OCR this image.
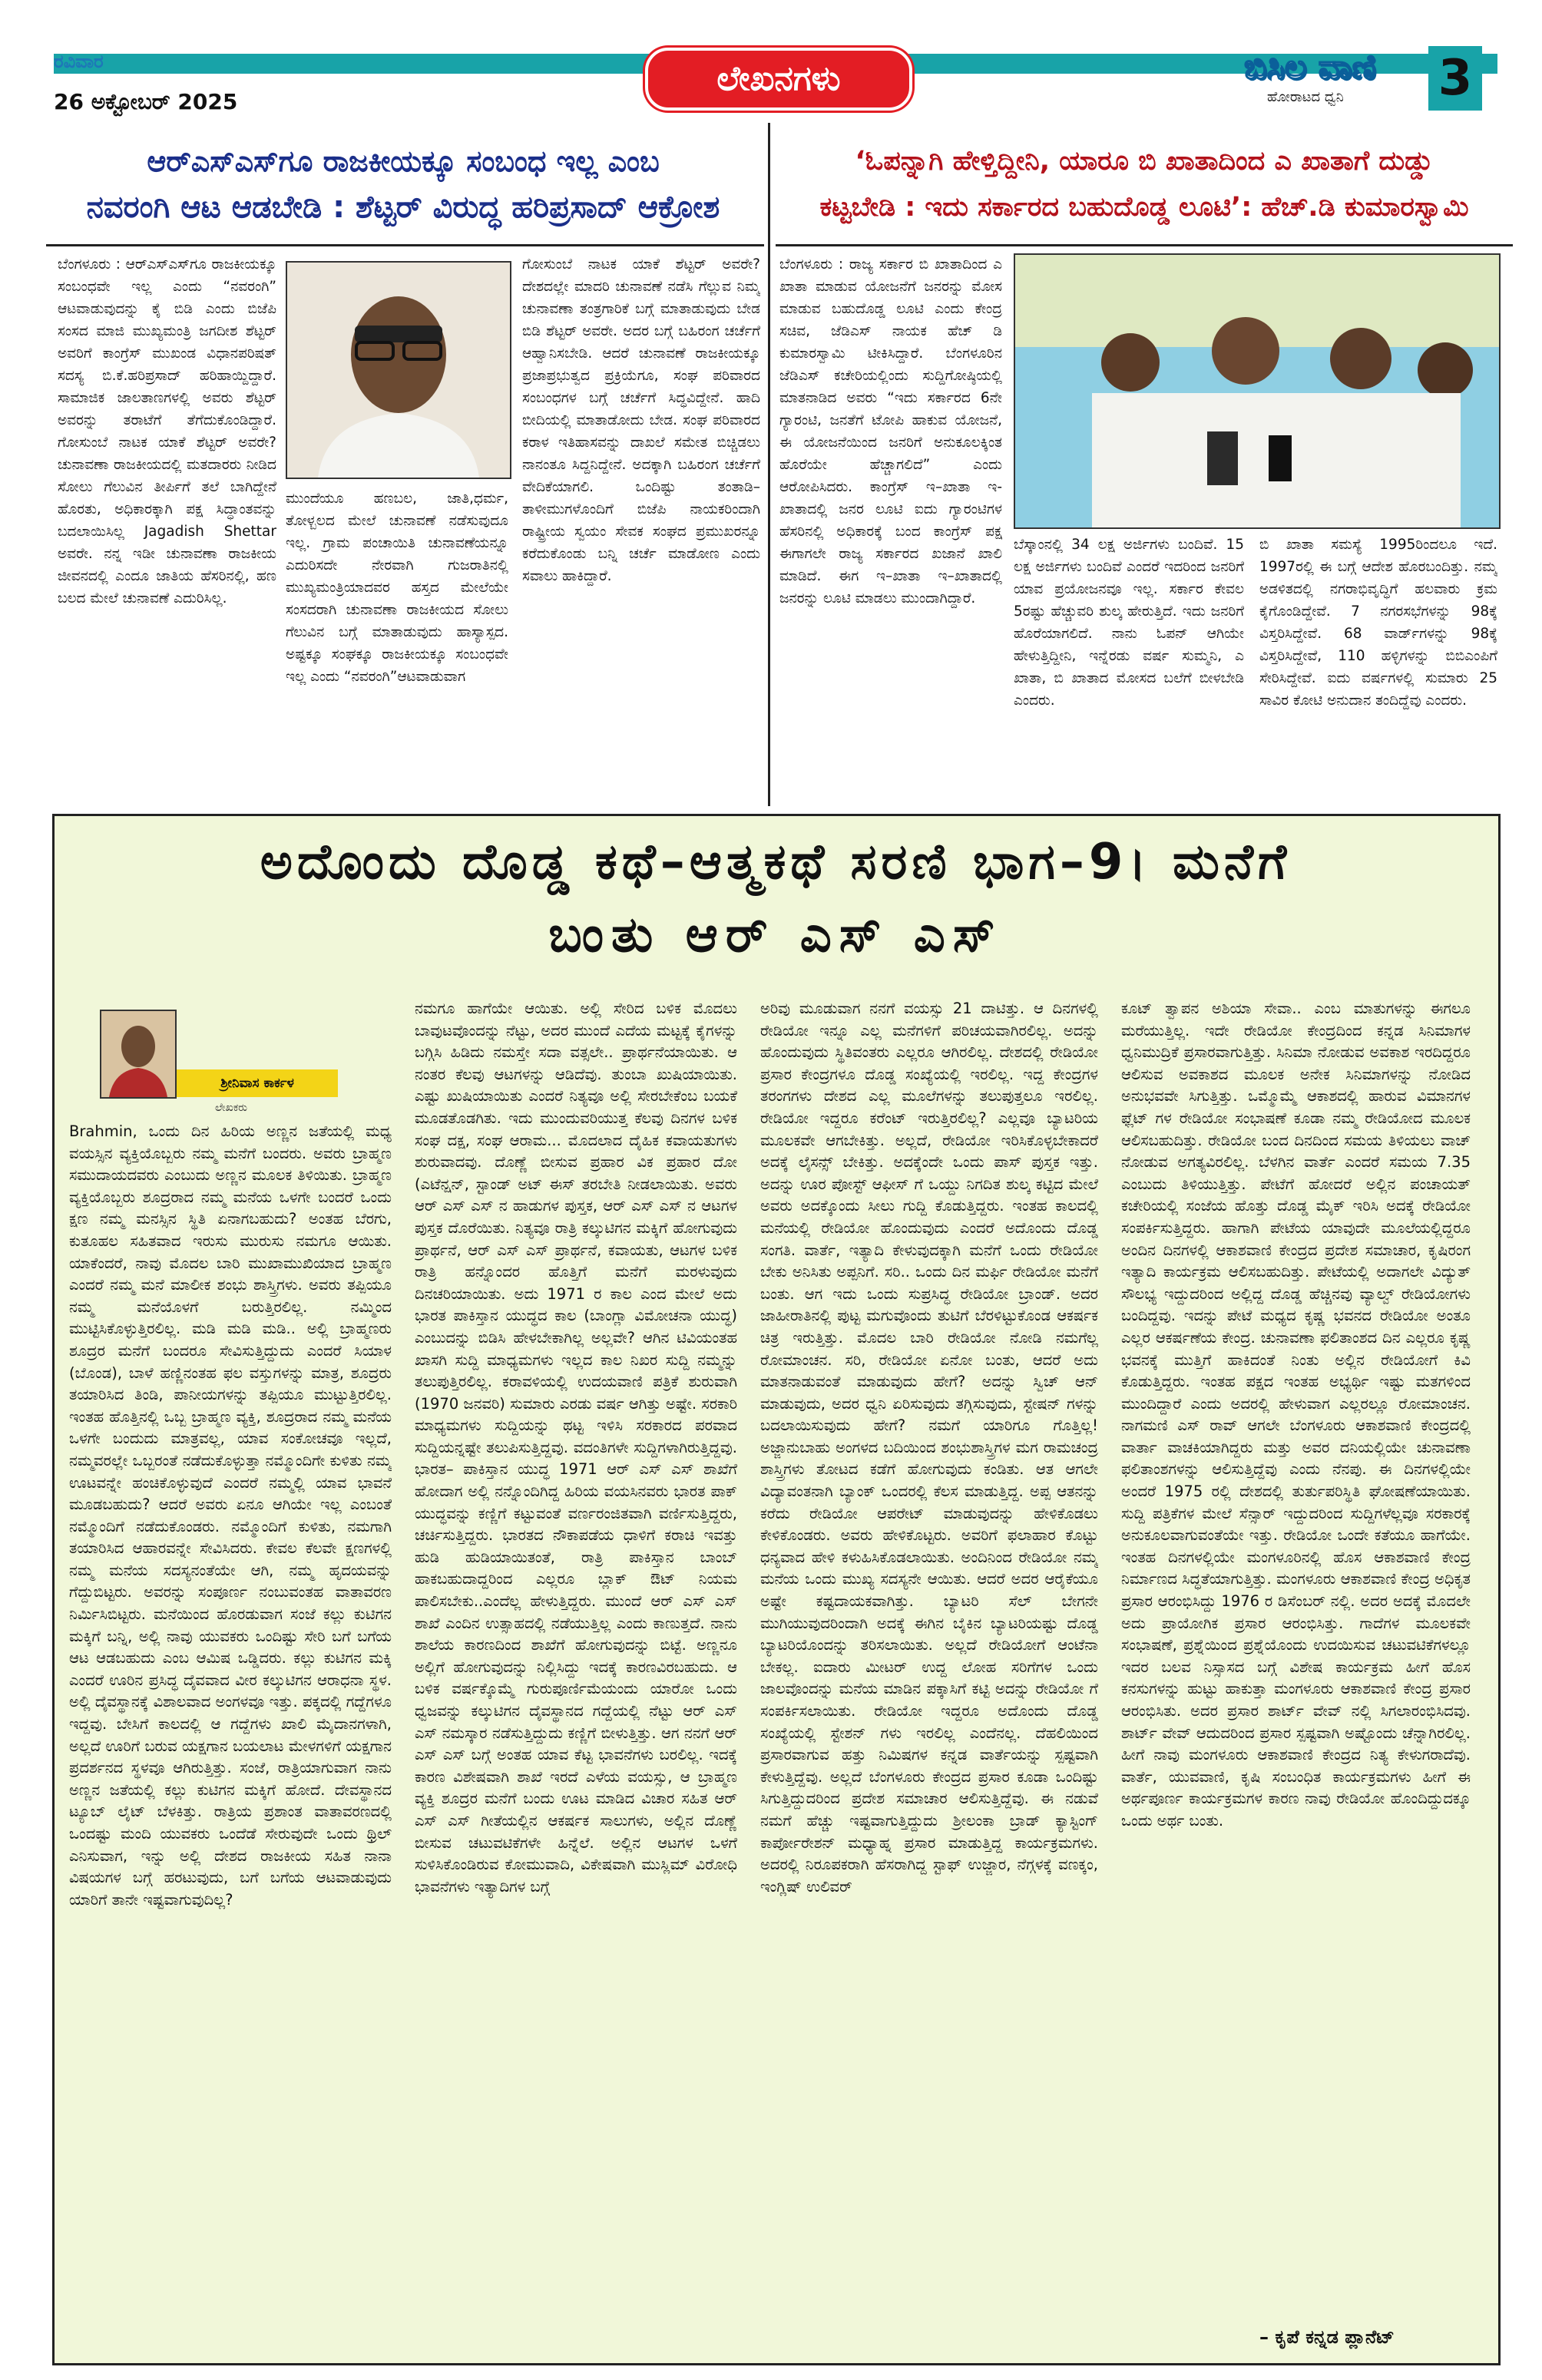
ರವಿವಾರ
26 ಅಕ್ಟೋಬರ್ 2025
ಲೇಖನಗಳು	ಬಿಸಿಲ ವಾಣಿ
ಹೋರಾಟದ ಧ್ವನಿ 3
ಆರ್‌ಎಸ್‌ಎಸ್‌ಗೂ ರಾಜಕೀಯಕ್ಕೂ ಸಂಬಂಧ ಇಲ್ಲ ಎಂಬ
ನವರಂಗಿ ಆಟ ಆಡಬೇಡಿ : ಶೆಟ್ಟರ್ ವಿರುದ್ಧ ಹರಿಪ್ರಸಾದ್ ಆಕ್ರೋಶ
ಬೆಂಗಳೂರು : ಆರ್‌ಎಸ್‌ಎಸ್‌ಗೂ ರಾಜಕೀಯಕ್ಕೂ ಸಂಬಂಧವೇ ಇಲ್ಲ ಎಂದು “ನವರಂಗಿ” ಆಟವಾಡುವುದನ್ನು ಕೈ ಬಿಡಿ ಎಂದು ಬಿಜೆಪಿ ಸಂಸದ ಮಾಜಿ ಮುಖ್ಯಮಂತ್ರಿ ಜಗದೀಶ ಶೆಟ್ಟರ್ ಅವರಿಗೆ ಕಾಂಗ್ರೆಸ್ ಮುಖಂಡ ವಿಧಾನಪರಿಷತ್ ಸದಸ್ಯ ಬಿ.ಕೆ.ಹರಿಪ್ರಸಾದ್ ಹರಿಹಾಯ್ದಿದ್ದಾರೆ. ಸಾಮಾಜಿಕ ಜಾಲತಾಣಗಳಲ್ಲಿ ಅವರು ಶೆಟ್ಟರ್ ಅವರನ್ನು ತರಾಟೆಗೆ ತೆಗೆದುಕೊಂಡಿದ್ದಾರೆ. ಗೋಸುಂಬೆ ನಾಟಕ ಯಾಕೆ ಶೆಟ್ಟರ್ ಅವರೇ? ಚುನಾವಣಾ ರಾಜಕೀಯದಲ್ಲಿ ಮತದಾರರು ನೀಡಿದ ಸೋಲು ಗೆಲುವಿನ ತೀರ್ಪಿಗೆ ತಲೆ ಬಾಗಿದ್ದೇನೆ ಹೊರತು, ಅಧಿಕಾರಕ್ಕಾಗಿ ಪಕ್ಷ ಸಿದ್ಧಾಂತವನ್ನು ಬದಲಾಯಿಸಿಲ್ಲ Jagadish Shettar ಅವರೇ. ನನ್ನ ಇಡೀ ಚುನಾವಣಾ ರಾಜಕೀಯ ಜೀವನದಲ್ಲಿ ಎಂದೂ ಜಾತಿಯ ಹೆಸರಿನಲ್ಲಿ, ಹಣ ಬಲದ ಮೇಲೆ ಚುನಾವಣೆ ಎದುರಿಸಿಲ್ಲ.
ಮುಂದೆಯೂ ಹಣಬಲ, ಜಾತಿ,ಧರ್ಮ, ತೋಳ್ಬಲದ ಮೇಲೆ ಚುನಾವಣೆ ನಡೆಸುವುದೂ ಇಲ್ಲ. ಗ್ರಾಮ ಪಂಚಾಯಿತಿ ಚುನಾವಣೆಯನ್ನೂ ಎದುರಿಸದೇ ನೇರವಾಗಿ ಗುಜರಾತಿನಲ್ಲಿ ಮುಖ್ಯಮಂತ್ರಿಯಾದವರ ಹಸ್ತದ ಮೇಲೆಯೇ ಸಂಸದರಾಗಿ ಚುನಾವಣಾ ರಾಜಕೀಯದ ಸೋಲು ಗೆಲುವಿನ ಬಗ್ಗೆ ಮಾತಾಡುವುದು ಹಾಸ್ಯಾಸ್ಪದ. ಅಷ್ಟಕ್ಕೂ ಸಂಘಕ್ಕೂ ರಾಜಕೀಯಕ್ಕೂ ಸಂಬಂಧವೇ ಇಲ್ಲ ಎಂದು “ನವರಂಗಿ”ಆಟವಾಡುವಾಗ
ಗೋಸುಂಬೆ ನಾಟಕ ಯಾಕೆ ಶೆಟ್ಟರ್ ಅವರೇ? ದೇಶದಲ್ಲೇ ಮಾದರಿ ಚುನಾವಣೆ ನಡೆಸಿ ಗೆಲ್ಲುವ ನಿಮ್ಮ ಚುನಾವಣಾ ತಂತ್ರಗಾರಿಕೆ ಬಗ್ಗೆ ಮಾತಾಡುವುದು ಬೇಡ ಬಿಡಿ ಶೆಟ್ಟರ್ ಅವರೇ. ಅದರ ಬಗ್ಗೆ ಬಹಿರಂಗ ಚರ್ಚೆಗೆ ಆಹ್ವಾನಿಸಬೇಡಿ. ಆದರೆ ಚುನಾವಣೆ ರಾಜಕೀಯಕ್ಕೂ ಪ್ರಜಾಪ್ರಭುತ್ವದ ಪ್ರಕ್ರಿಯೆಗೂ, ಸಂಘ ಪರಿವಾರದ ಸಂಬಂಧಗಳ ಬಗ್ಗೆ ಚರ್ಚೆಗೆ ಸಿದ್ಧವಿದ್ದೇನೆ. ಹಾದಿ ಬೀದಿಯಲ್ಲಿ ಮಾತಾಡೋದು ಬೇಡ. ಸಂಘ ಪರಿವಾರದ ಕರಾಳ ಇತಿಹಾಸವನ್ನು ದಾಖಲೆ ಸಮೇತ ಬಿಚ್ಚಿಡಲು ನಾನಂತೂ ಸಿದ್ದನಿದ್ದೇನೆ. ಅದಕ್ಕಾಗಿ ಬಹಿರಂಗ ಚರ್ಚೆಗೆ ವೇದಿಕೆಯಾಗಲಿ. ಒಂದಿಷ್ಟು ತಂತಾಡಿ–ತಾಳೀಮುಗಳೊಂದಿಗೆ ಬಿಜೆಪಿ ನಾಯಕರಿಂದಾಗಿ ರಾಷ್ಟ್ರೀಯ ಸ್ವಯಂ ಸೇವಕ ಸಂಘದ ಪ್ರಮುಖರನ್ನೂ ಕರೆದುಕೊಂಡು ಬನ್ನಿ ಚರ್ಚೆ ಮಾಡೋಣ ಎಂದು ಸವಾಲು ಹಾಕಿದ್ದಾರೆ.
‘ಓಪನ್ನಾಗಿ ಹೇಳ್ತಿದ್ದೀನಿ, ಯಾರೂ ಬಿ ಖಾತಾದಿಂದ ಎ ಖಾತಾಗೆ ದುಡ್ಡು
ಕಟ್ಟಬೇಡಿ : ಇದು ಸರ್ಕಾರದ ಬಹುದೊಡ್ಡ ಲೂಟಿ’: ಹೆಚ್.ಡಿ ಕುಮಾರಸ್ವಾಮಿ
ಬೆಂಗಳೂರು : ರಾಜ್ಯ ಸರ್ಕಾರ ಬಿ ಖಾತಾದಿಂದ ಎ ಖಾತಾ ಮಾಡುವ ಯೋಜನೆಗೆ ಜನರನ್ನು ಮೋಸ ಮಾಡುವ ಬಹುದೊಡ್ಡ ಲೂಟಿ ಎಂದು ಕೇಂದ್ರ ಸಚಿವ, ಜೆಡಿಎಸ್ ನಾಯಕ ಹೆಚ್ ಡಿ ಕುಮಾರಸ್ವಾಮಿ ಟೀಕಿಸಿದ್ದಾರೆ. ಬೆಂಗಳೂರಿನ ಜೆಡಿಎಸ್ ಕಚೇರಿಯಲ್ಲಿಂದು ಸುದ್ದಿಗೋಷ್ಠಿಯಲ್ಲಿ ಮಾತನಾಡಿದ ಅವರು “ಇದು ಸರ್ಕಾರದ 6ನೇ ಗ್ಯಾರಂಟಿ, ಜನತೆಗೆ ಟೋಪಿ ಹಾಕುವ ಯೋಜನೆ, ಈ ಯೋಜನೆಯಿಂದ ಜನರಿಗೆ ಅನುಕೂಲಕ್ಕಿಂತ ಹೊರೆಯೇ ಹೆಚ್ಚಾಗಲಿದೆ” ಎಂದು ಆರೋಪಿಸಿದರು. ಕಾಂಗ್ರೆಸ್ ಇ–ಖಾತಾ ಇ-ಖಾತಾದಲ್ಲಿ ಜನರ ಲೂಟಿ ಐದು ಗ್ಯಾರಂಟಿಗಳ ಹೆಸರಿನಲ್ಲಿ ಅಧಿಕಾರಕ್ಕೆ ಬಂದ ಕಾಂಗ್ರೆಸ್ ಪಕ್ಷ ಈಗಾಗಲೇ ರಾಜ್ಯ ಸರ್ಕಾರದ ಖಜಾನೆ ಖಾಲಿ ಮಾಡಿದೆ. ಈಗ ಇ–ಖಾತಾ ಇ–ಖಾತಾದಲ್ಲಿ ಜನರನ್ನು ಲೂಟಿ ಮಾಡಲು ಮುಂದಾಗಿದ್ದಾರೆ.
ಬೆಸ್ಕಾಂನಲ್ಲಿ 34 ಲಕ್ಷ ಅರ್ಜಿಗಳು ಬಂದಿವೆ. 15 ಲಕ್ಷ ಅರ್ಜಿಗಳು ಬಂದಿವೆ ಎಂದರೆ ಇದರಿಂದ ಜನರಿಗೆ ಯಾವ ಪ್ರಯೋಜನವೂ ಇಲ್ಲ. ಸರ್ಕಾರ ಕೇವಲ 5ರಷ್ಟು ಹೆಚ್ಚುವರಿ ಶುಲ್ಕ ಹೇರುತ್ತಿದೆ. ಇದು ಜನರಿಗೆ ಹೊರೆಯಾಗಲಿದೆ. ನಾನು ಓಪನ್ ಆಗಿಯೇ ಹೇಳುತ್ತಿದ್ದೀನಿ, ಇನ್ನೆರಡು ವರ್ಷ ಸುಮ್ಮನಿ, ಎ ಖಾತಾ, ಬಿ ಖಾತಾದ ಮೋಸದ ಬಲೆಗೆ ಬೀಳಬೇಡಿ ಎಂದರು.
ಬಿ ಖಾತಾ ಸಮಸ್ಯೆ 1995ರಿಂದಲೂ ಇದೆ. 1997ರಲ್ಲಿ ಈ ಬಗ್ಗೆ ಆದೇಶ ಹೊರಬಂದಿತ್ತು. ನಮ್ಮ ಅಡಳಿತದಲ್ಲಿ ನಗರಾಭಿವೃದ್ಧಿಗೆ ಹಲವಾರು ಕ್ರಮ ಕೈಗೊಂಡಿದ್ದೇವೆ. 7 ನಗರಸಭೆಗಳನ್ನು 98ಕ್ಕೆ ವಿಸ್ತರಿಸಿದ್ದೇವೆ. 68 ವಾರ್ಡ್‌ಗಳನ್ನು 98ಕ್ಕೆ ವಿಸ್ತರಿಸಿದ್ದೇವೆ, 110 ಹಳ್ಳಿಗಳನ್ನು ಬಿಬಿಎಂಪಿಗೆ ಸೇರಿಸಿದ್ದೇವೆ. ಐದು ವರ್ಷಗಳಲ್ಲಿ ಸುಮಾರು 25 ಸಾವಿರ ಕೋಟಿ ಅನುದಾನ ತಂದಿದ್ದೆವು ಎಂದರು.
ಅದೊಂದು ದೊಡ್ಡ ಕಥೆ–ಆತ್ಮಕಥೆ ಸರಣಿ ಭಾಗ–9। ಮನೆಗೆ
ಬಂತು ಆರ್ ಎಸ್ ಎಸ್
ಶ್ರೀನಿವಾಸ ಕಾರ್ಕಳ
ಲೇಖಕರು
Brahmin, ಒಂದು ದಿನ ಹಿರಿಯ ಅಣ್ಣನ ಜತೆಯಲ್ಲಿ ಮಧ್ಯ ವಯಸ್ಸಿನ ವ್ಯಕ್ತಿಯೊಬ್ಬರು ನಮ್ಮ ಮನೆಗೆ ಬಂದರು. ಅವರು ಬ್ರಾಹ್ಮಣ ಸಮುದಾಯದವರು ಎಂಬುದು ಅಣ್ಣನ ಮೂಲಕ ತಿಳಿಯಿತು. ಬ್ರಾಹ್ಮಣ ವ್ಯಕ್ತಿಯೊಬ್ಬರು ಶೂದ್ರರಾದ ನಮ್ಮ ಮನೆಯ ಒಳಗೇ ಬಂದರೆ ಒಂದು ಕ್ಷಣ ನಮ್ಮ ಮನಸ್ಸಿನ ಸ್ಥಿತಿ ಏನಾಗಬಹುದು? ಅಂತಹ ಬೆರಗು, ಕುತೂಹಲ ಸಹಿತವಾದ ಇರುಸು ಮುರುಸು ನಮಗೂ ಆಯಿತು. ಯಾಕೆಂದರೆ, ನಾವು ಮೊದಲ ಬಾರಿ ಮುಖಾಮುಖಿಯಾದ ಬ್ರಾಹ್ಮಣ ಎಂದರೆ ನಮ್ಮ ಮನೆ ಮಾಲೀಕ ಶಂಭು ಶಾಸ್ತ್ರಿಗಳು. ಅವರು ತಪ್ಪಿಯೂ ನಮ್ಮ ಮನೆಯೊಳಗೆ ಬರುತ್ತಿರಲಿಲ್ಲ. ನಮ್ಮಿಂದ ಮುಟ್ಟಿಸಿಕೊಳ್ಳುತ್ತಿರಲಿಲ್ಲ. ಮಡಿ ಮಡಿ ಮಡಿ.. ಅಲ್ಲಿ ಬ್ರಾಹ್ಮಣರು ಶೂದ್ರರ ಮನೆಗೆ ಬಂದರೂ ಸೇವಿಸುತ್ತಿದ್ದುದು ಎಂದರೆ ಸಿಯಾಳ (ಬೊಂಡ), ಬಾಳೆ ಹಣ್ಣಿನಂತಹ ಫಲ ವಸ್ತುಗಳನ್ನು ಮಾತ್ರ, ಶೂದ್ರರು ತಯಾರಿಸಿದ ತಿಂಡಿ, ಪಾನೀಯಗಳನ್ನು ತಪ್ಪಿಯೂ ಮುಟ್ಟುತ್ತಿರಲಿಲ್ಲ. ಇಂತಹ ಹೊತ್ತಿನಲ್ಲಿ ಒಬ್ಬ ಬ್ರಾಹ್ಮಣ ವ್ಯಕ್ತಿ, ಶೂದ್ರರಾದ ನಮ್ಮ ಮನೆಯ ಒಳಗೇ ಬಂದುದು ಮಾತ್ರವಲ್ಲ, ಯಾವ ಸಂಕೋಚವೂ ಇಲ್ಲದೆ, ನಮ್ಮವರಲ್ಲೇ ಒಬ್ಬರಂತೆ ನಡೆದುಕೊಳ್ಳುತ್ತಾ ನಮ್ಮೊಂದಿಗೇ ಕುಳಿತು ನಮ್ಮ ಊಟವನ್ನೇ ಹಂಚಿಕೊಳ್ಳುವುದೆ ಎಂದರೆ ನಮ್ಮಲ್ಲಿ ಯಾವ ಭಾವನೆ ಮೂಡಬಹುದು? ಆದರೆ ಅವರು ಏನೂ ಆಗಿಯೇ ಇಲ್ಲ ಎಂಬಂತೆ ನಮ್ಮೊಂದಿಗೆ ನಡೆದುಕೊಂಡರು. ನಮ್ಮೊಂದಿಗೆ ಕುಳಿತು, ನಮಗಾಗಿ ತಯಾರಿಸಿದ ಆಹಾರವನ್ನೇ ಸೇವಿಸಿದರು. ಕೇವಲ ಕೆಲವೇ ಕ್ಷಣಗಳಲ್ಲಿ ನಮ್ಮ ಮನೆಯ ಸದಸ್ಯನಂತೆಯೇ ಆಗಿ, ನಮ್ಮ ಹೃದಯವನ್ನು ಗೆದ್ದುಬಿಟ್ಟರು. ಅವರನ್ನು ಸಂಪೂರ್ಣ ನಂಬುವಂತಹ ವಾತಾವರಣ ನಿರ್ಮಿಸಿಬಿಟ್ಟರು. ಮನೆಯಿಂದ ಹೊರಡುವಾಗ ಸಂಜೆ ಕಲ್ಲು ಕುಟಿಗನ ಮಕ್ಕಿಗೆ ಬನ್ನಿ, ಅಲ್ಲಿ ನಾವು ಯುವಕರು ಒಂದಿಷ್ಟು ಸೇರಿ ಬಗೆ ಬಗೆಯ ಆಟ ಆಡಬಹುದು ಎಂಬ ಆಮಿಷ ಒಡ್ಡಿದರು. ಕಲ್ಲು ಕುಟಿಗನ ಮಕ್ಕಿ ಎಂದರೆ ಊರಿನ ಪ್ರಸಿದ್ಧ ದೈವವಾದ ವೀರ ಕಲ್ಕುಟಿಗನ ಆರಾಧನಾ ಸ್ಥಳ. ಅಲ್ಲಿ ದೈವಸ್ಥಾನಕ್ಕೆ ವಿಶಾಲವಾದ ಅಂಗಳವೂ ಇತ್ತು. ಪಕ್ಕದಲ್ಲಿ ಗದ್ದೆಗಳೂ ಇದ್ದವು. ಬೇಸಿಗೆ ಕಾಲದಲ್ಲಿ ಆ ಗದ್ದೆಗಳು ಖಾಲಿ ಮೈದಾನಗಳಾಗಿ, ಅಲ್ಲದೆ ಊರಿಗೆ ಬರುವ ಯಕ್ಷಗಾನ ಬಯಲಾಟ ಮೇಳಗಳಿಗೆ ಯಕ್ಷಗಾನ ಪ್ರದರ್ಶನದ ಸ್ಥಳವೂ ಆಗಿರುತ್ತಿತ್ತು. ಸಂಜೆ, ರಾತ್ರಿಯಾಗುವಾಗ ನಾನು ಅಣ್ಣನ ಜತೆಯಲ್ಲಿ ಕಲ್ಲು ಕುಟಿಗನ ಮಕ್ಕಿಗೆ ಹೋದೆ. ದೇವಸ್ಥಾನದ ಟ್ಯೂಬ್ ಲೈಟ್ ಬೆಳಕಿತ್ತು. ರಾತ್ರಿಯ ಪ್ರಶಾಂತ ವಾತಾವರಣದಲ್ಲಿ ಒಂದಷ್ಟು ಮಂದಿ ಯುವಕರು ಒಂದೆಡೆ ಸೇರುವುದೇ ಒಂದು ಥ್ರಿಲ್ ಎನಿಸುವಾಗ, ಇನ್ನು ಅಲ್ಲಿ ದೇಶದ ರಾಜಕೀಯ ಸಹಿತ ನಾನಾ ವಿಷಯಗಳ ಬಗ್ಗೆ ಹರಟುವುದು, ಬಗೆ ಬಗೆಯ ಆಟವಾಡುವುದು ಯಾರಿಗೆ ತಾನೇ ಇಷ್ಟವಾಗುವುದಿಲ್ಲ?
ನಮಗೂ ಹಾಗೆಯೇ ಆಯಿತು. ಅಲ್ಲಿ ಸೇರಿದ ಬಳಿಕ ಮೊದಲು ಬಾವುಟವೊಂದನ್ನು ನೆಟ್ಟು, ಅದರ ಮುಂದೆ ಎದೆಯ ಮಟ್ಟಕ್ಕೆ ಕೈಗಳನ್ನು ಬಗ್ಗಿಸಿ ಹಿಡಿದು ನಮಸ್ತೇ ಸದಾ ವತ್ಸಲೇ.. ಪ್ರಾರ್ಥನೆಯಾಯಿತು. ಆ ನಂತರ ಕೆಲವು ಆಟಗಳನ್ನು ಆಡಿದೆವು. ತುಂಬಾ ಖುಷಿಯಾಯಿತು. ಎಷ್ಟು ಖುಷಿಯಾಯಿತು ಎಂದರೆ ನಿತ್ಯವೂ ಅಲ್ಲಿ ಸೇರಬೇಕೆಂಬ ಬಯಕೆ ಮೂಡತೊಡಗಿತು. ಇದು ಮುಂದುವರಿಯುತ್ತ ಕೆಲವು ದಿನಗಳ ಬಳಿಕ ಸಂಘ ದಕ್ಷ, ಸಂಘ ಆರಾಮ... ಮೊದಲಾದ ದೈಹಿಕ ಕವಾಯತುಗಳು ಶುರುವಾದವು. ದೊಣ್ಣೆ ಬೀಸುವ ಪ್ರಹಾರ ವಿಕ ಪ್ರಹಾರ ದೋ (ಎಟೆನ್ಷನ್, ಸ್ಟಾಂಡ್ ಅಟ್ ಈಸ್ ತರಬೇತಿ ನೀಡಲಾಯಿತು. ಅವರು ಆರ್ ಎಸ್ ಎಸ್ ನ ಹಾಡುಗಳ ಪುಸ್ತಕ, ಆರ್ ಎಸ್ ಎಸ್ ನ ಆಟಗಳ ಪುಸ್ತಕ ದೊರೆಯಿತು. ನಿತ್ಯವೂ ರಾತ್ರಿ ಕಲ್ಕುಟಿಗನ ಮಕ್ಕಿಗೆ ಹೋಗುವುದು ಪ್ರಾರ್ಥನೆ, ಆರ್ ಎಸ್ ಎಸ್ ಪ್ರಾರ್ಥನೆ, ಕವಾಯತು, ಆಟಗಳ ಬಳಿಕ ರಾತ್ರಿ ಹನ್ನೊಂದರ ಹೊತ್ತಿಗೆ ಮನೆಗೆ ಮರಳುವುದು ದಿನಚರಿಯಾಯಿತು. ಅದು 1971 ರ ಕಾಲ ಎಂದ ಮೇಲೆ ಅದು ಭಾರತ ಪಾಕಿಸ್ತಾನ ಯುದ್ಧದ ಕಾಲ (ಬಾಂಗ್ಲಾ ವಿಮೋಚನಾ ಯುದ್ಧ) ಎಂಬುದನ್ನು ಬಿಡಿಸಿ ಹೇಳಬೇಕಾಗಿಲ್ಲ ಅಲ್ಲವೇ? ಆಗಿನ ಟಿವಿಯಂತಹ ಖಾಸಗಿ ಸುದ್ದಿ ಮಾಧ್ಯಮಗಳು ಇಲ್ಲದ ಕಾಲ ನಿಖರ ಸುದ್ದಿ ನಮ್ಮನ್ನು ತಲುಪುತ್ತಿರಲಿಲ್ಲ. ಕರಾವಳಿಯಲ್ಲಿ ಉದಯವಾಣಿ ಪತ್ರಿಕೆ ಶುರುವಾಗಿ (1970 ಜನವರಿ) ಸುಮಾರು ಎರಡು ವರ್ಷ ಆಗಿತ್ತು ಅಷ್ಟೇ. ಸರಕಾರಿ ಮಾಧ್ಯಮಗಳು ಸುದ್ದಿಯನ್ನು ಥಟ್ಟ ಇಳಿಸಿ ಸರಕಾರದ ಪರವಾದ ಸುದ್ದಿಯನ್ನಷ್ಟೇ ತಲುಪಿಸುತ್ತಿದ್ದವು. ವದಂತಿಗಳೇ ಸುದ್ದಿಗಳಾಗಿರುತ್ತಿದ್ದವು. ಭಾರತ– ಪಾಕಿಸ್ತಾನ ಯುದ್ಧ 1971 ಆರ್ ಎಸ್ ಎಸ್ ಶಾಖೆಗೆ ಹೋದಾಗ ಅಲ್ಲಿ ನನ್ನೊಂದಿಗಿದ್ದ ಹಿರಿಯ ವಯಸಿನವರು ಭಾರತ ಪಾಕ್ ಯುದ್ಧವನ್ನು ಕಣ್ಣಿಗೆ ಕಟ್ಟುವಂತೆ ವರ್ಣರಂಜಿತವಾಗಿ ವರ್ಣಿಸುತ್ತಿದ್ದರು, ಚರ್ಚಿಸುತ್ತಿದ್ದರು. ಭಾರತದ ನೌಕಾಪಡೆಯ ಧಾಳಿಗೆ ಕರಾಚಿ ಇವತ್ತು ಹುಡಿ ಹುಡಿಯಾಯಿತಂತೆ, ರಾತ್ರಿ ಪಾಕಿಸ್ತಾನ ಬಾಂಬ್ ಹಾಕಬಹುದಾದ್ದರಿಂದ ಎಲ್ಲರೂ ಬ್ಲಾಕ್ ಔಟ್ ನಿಯಮ ಪಾಲಿಸಬೇಕು..ಎಂದೆಲ್ಲ ಹೇಳುತ್ತಿದ್ದರು. ಮುಂದೆ ಆರ್ ಎಸ್ ಎಸ್ ಶಾಖೆ ಎಂದಿನ ಉತ್ಸಾಹದಲ್ಲಿ ನಡೆಯುತ್ತಿಲ್ಲ ಎಂದು ಕಾಣುತ್ತದೆ. ನಾನು ಶಾಲೆಯ ಕಾರಣದಿಂದ ಶಾಖೆಗೆ ಹೋಗುವುದನ್ನು ಬಿಟ್ಟೆ. ಅಣ್ಣನೂ ಅಲ್ಲಿಗೆ ಹೋಗುವುದನ್ನು ನಿಲ್ಲಿಸಿದ್ದು ಇದಕ್ಕೆ ಕಾರಣವಿರಬಹುದು. ಆ ಬಳಿಕ ವರ್ಷಕ್ಕೊಮ್ಮೆ ಗುರುಪೂರ್ಣಿಮೆಯಂದು ಯಾರೋ ಒಂದು ಧ್ವಜವನ್ನು ಕಲ್ಕುಟಿಗನ ದೈವಸ್ಥಾನದ ಗದ್ದೆಯಲ್ಲಿ ನೆಟ್ಟು ಆರ್ ಎಸ್ ಎಸ್ ನಮಸ್ಕಾರ ನಡೆಸುತ್ತಿದ್ದುದು ಕಣ್ಣಿಗೆ ಬೀಳುತ್ತಿತ್ತು. ಆಗ ನನಗೆ ಆರ್ ಎಸ್ ಎಸ್ ಬಗ್ಗೆ ಅಂತಹ ಯಾವ ಕೆಟ್ಟ ಭಾವನೆಗಳು ಬರಲಿಲ್ಲ. ಇದಕ್ಕೆ ಕಾರಣ ವಿಶೇಷವಾಗಿ ಶಾಖೆ ಇರದೆ ಎಳೆಯ ವಯಸ್ಸು, ಆ ಬ್ರಾಹ್ಮಣ ವ್ಯಕ್ತಿ ಶೂದ್ರರ ಮನೆಗೆ ಬಂದು ಊಟ ಮಾಡಿದ ವಿಚಾರ ಸಹಿತ ಆರ್ ಎಸ್ ಎಸ್ ಗೀತೆಯಲ್ಲಿನ ಆಕರ್ಷಕ ಸಾಲುಗಳು, ಅಲ್ಲಿನ ದೊಣ್ಣೆ ಬೀಸುವ ಚಟುವಟಿಕೆಗಳೇ ಹಿನ್ನೆಲೆ. ಅಲ್ಲಿನ ಆಟಗಳ ಒಳಗೆ ಸುಳಿಸಿಕೊಂಡಿರುವ ಕೋಮುವಾದಿ, ವಿಕೇಷವಾಗಿ ಮುಸ್ಲಿಮ್ ವಿರೋಧಿ ಭಾವನೆಗಳು ಇತ್ಯಾದಿಗಳ ಬಗ್ಗೆ
ಅರಿವು ಮೂಡುವಾಗ ನನಗೆ ವಯಸ್ಸು 21 ದಾಟಿತ್ತು. ಆ ದಿನಗಳಲ್ಲಿ ರೇಡಿಯೋ ಇನ್ನೂ ಎಲ್ಲ ಮನೆಗಳಿಗೆ ಪರಿಚಯವಾಗಿರಲಿಲ್ಲ. ಅದನ್ನು ಹೊಂದುವುದು ಸ್ಥಿತಿವಂತರು ಎಲ್ಲರೂ ಆಗಿರಲಿಲ್ಲ. ದೇಶದಲ್ಲಿ ರೇಡಿಯೋ ಪ್ರಸಾರ ಕೇಂದ್ರಗಳೂ ದೊಡ್ಡ ಸಂಖ್ಯೆಯಲ್ಲಿ ಇರಲಿಲ್ಲ. ಇದ್ದ ಕೇಂದ್ರಗಳ ತರಂಗಗಳು ದೇಶದ ಎಲ್ಲ ಮೂಲೆಗಳನ್ನು ತಲುಪುತ್ತಲೂ ಇರಲಿಲ್ಲ. ರೇಡಿಯೋ ಇದ್ದರೂ ಕರೆಂಟ್ ಇರುತ್ತಿರಲಿಲ್ಲ? ಎಲ್ಲವೂ ಬ್ಯಾಟರಿಯ ಮೂಲಕವೇ ಆಗಬೇಕಿತ್ತು. ಅಲ್ಲದೆ, ರೇಡಿಯೋ ಇರಿಸಿಕೊಳ್ಳಬೇಕಾದರೆ ಅದಕ್ಕೆ ಲೈಸನ್ಸ್ ಬೇಕಿತ್ತು. ಅದಕ್ಕೆಂದೇ ಒಂದು ಪಾಸ್ ಪುಸ್ತಕ ಇತ್ತು. ಅದನ್ನು ಊರ ಪೋಸ್ಟ್ ಆಫೀಸ್ ಗೆ ಒಯ್ದು ನಿಗದಿತ ಶುಲ್ಕ ಕಟ್ಟಿದ ಮೇಲೆ ಅವರು ಅದಕ್ಕೊಂದು ಸೀಲು ಗುದ್ದಿ ಕೊಡುತ್ತಿದ್ದರು. ಇಂತಹ ಕಾಲದಲ್ಲಿ ಮನೆಯಲ್ಲಿ ರೇಡಿಯೋ ಹೊಂದುವುದು ಎಂದರೆ ಅದೊಂದು ದೊಡ್ಡ ಸಂಗತಿ. ವಾರ್ತೆ, ಇತ್ಯಾದಿ ಕೇಳುವುದಕ್ಕಾಗಿ ಮನೆಗೆ ಒಂದು ರೇಡಿಯೋ ಬೇಕು ಅನಿಸಿತು ಅಪ್ಪನಿಗೆ. ಸರಿ.. ಒಂದು ದಿನ ಮರ್ಫಿ ರೇಡಿಯೋ ಮನೆಗೆ ಬಂತು. ಆಗ ಇದು ಒಂದು ಸುಪ್ರಸಿದ್ಧ ರೇಡಿಯೋ ಬ್ರಾಂಡ್. ಅದರ ಜಾಹೀರಾತಿನಲ್ಲಿ ಪುಟ್ಟ ಮಗುವೊಂದು ತುಟಿಗೆ ಬೆರಳಿಟ್ಟುಕೊಂಡ ಆಕರ್ಷಕ ಚಿತ್ರ ಇರುತ್ತಿತ್ತು. ಮೊದಲ ಬಾರಿ ರೇಡಿಯೋ ನೋಡಿ ನಮಗೆಲ್ಲ ರೋಮಾಂಚನ. ಸರಿ, ರೇಡಿಯೋ ಏನೋ ಬಂತು, ಆದರೆ ಅದು ಮಾತನಾಡುವಂತೆ ಮಾಡುವುದು ಹೇಗೆ? ಅದನ್ನು ಸ್ವಿಚ್ ಆನ್ ಮಾಡುವುದು, ಅದರ ಧ್ವನಿ ಏರಿಸುವುದು ತಗ್ಗಿಸುವುದು, ಸ್ಟೇಷನ್ ಗಳನ್ನು ಬದಲಾಯಿಸುವುದು ಹೇಗೆ? ನಮಗೆ ಯಾರಿಗೂ ಗೊತ್ತಿಲ್ಲ! ಅಜ್ಜಾನುಬಾಹು ಅಂಗಳದ ಬದಿಯಿಂದ ಶಂಭುಶಾಸ್ತ್ರಿಗಳ ಮಗ ರಾಮಚಂದ್ರ ಶಾಸ್ತ್ರಿಗಳು ತೋಟದ ಕಡೆಗೆ ಹೋಗುವುದು ಕಂಡಿತು. ಆತ ಆಗಲೇ ವಿದ್ಯಾವಂತನಾಗಿ ಬ್ಯಾಂಕ್ ಒಂದರಲ್ಲಿ ಕೆಲಸ ಮಾಡುತ್ತಿದ್ದ. ಅಪ್ಪ ಆತನನ್ನು ಕರೆದು ರೇಡಿಯೋ ಆಪರೇಟ್ ಮಾಡುವುದನ್ನು ಹೇಳಿಕೊಡಲು ಕೇಳಿಕೊಂಡರು. ಅವರು ಹೇಳಿಕೊಟ್ಟರು. ಅವರಿಗೆ ಫಲಾಹಾರ ಕೊಟ್ಟು ಧನ್ಯವಾದ ಹೇಳಿ ಕಳುಹಿಸಿಕೊಡಲಾಯಿತು. ಅಂದಿನಿಂದ ರೇಡಿಯೋ ನಮ್ಮ ಮನೆಯ ಒಂದು ಮುಖ್ಯ ಸದಸ್ಯನೇ ಆಯಿತು. ಆದರೆ ಅದರ ಆರೈಕೆಯೂ ಅಷ್ಟೇ ಕಷ್ಟದಾಯಕವಾಗಿತ್ತು. ಬ್ಯಾಟರಿ ಸೆಲ್ ಬೇಗನೇ ಮುಗಿಯುವುದರಿಂದಾಗಿ ಅದಕ್ಕೆ ಈಗಿನ ಬೈಕಿನ ಬ್ಯಾಟರಿಯಷ್ಟು ದೊಡ್ಡ ಬ್ಯಾಟರಿಯೊಂದನ್ನು ತರಿಸಲಾಯಿತು. ಅಲ್ಲದೆ ರೇಡಿಯೋಗೆ ಆಂಟೆನಾ ಬೇಕಲ್ಲ. ಐದಾರು ಮೀಟರ್ ಉದ್ದ ಲೋಹ ಸರಿಗೆಗಳ ಒಂದು ಜಾಲವೊಂದನ್ನು ಮನೆಯ ಮಾಡಿನ ಪಕ್ಕಾಸಿಗೆ ಕಟ್ಟಿ ಅದನ್ನು ರೇಡಿಯೋ ಗೆ ಸಂಪರ್ಕಿಸಲಾಯಿತು. ರೇಡಿಯೋ ಇದ್ದರೂ ಅದೊಂದು ದೊಡ್ಡ ಸಂಖ್ಯೆಯಲ್ಲಿ ಸ್ಟೇಶನ್ ಗಳು ಇರಲಿಲ್ಲ ಎಂದೆನಲ್ಲ. ದೆಹಲಿಯಿಂದ ಪ್ರಸಾರವಾಗುವ ಹತ್ತು ನಿಮಿಷಗಳ ಕನ್ನಡ ವಾರ್ತೆಯನ್ನು ಸ್ಪಷ್ಟವಾಗಿ ಕೇಳುತ್ತಿದ್ದೆವು. ಅಲ್ಲದೆ ಬೆಂಗಳೂರು ಕೇಂದ್ರದ ಪ್ರಸಾರ ಕೂಡಾ ಒಂದಿಷ್ಟು ಸಿಗುತ್ತಿದ್ದುದರಿಂದ ಪ್ರದೇಶ ಸಮಾಚಾರ ಆಲಿಸುತ್ತಿದ್ದೆವು. ಈ ನಡುವೆ ನಮಗೆ ಹೆಚ್ಚು ಇಷ್ಟವಾಗುತ್ತಿದ್ದುದು ಶ್ರೀಲಂಕಾ ಬ್ರಾಡ್ ಕ್ಯಾಸ್ಟಿಂಗ್ ಕಾರ್ಪೋರೇಶನ್ ಮಧ್ಯಾಹ್ನ ಪ್ರಸಾರ ಮಾಡುತ್ತಿದ್ದ ಕಾರ್ಯಕ್ರಮಗಳು. ಅದರಲ್ಲಿ ನಿರೂಪಕರಾಗಿ ಹೆಸರಾಗಿದ್ದ ಸ್ಟಾಫ್ ಉಜ್ಜಾರ, ನೆಗ್ಗಳಕ್ಕೆ ವಣಕ್ಕಂ, ಇಂಗ್ಲಿಷ್ ಉಲಿವರ್
ಕೂಟ್ ತ್ವಾಪನ ಅಶಿಯಾ ಸೇವಾ.. ಎಂಬ ಮಾತುಗಳನ್ನು ಈಗಲೂ ಮರೆಯುತ್ತಿಲ್ಲ. ಇದೇ ರೇಡಿಯೋ ಕೇಂದ್ರದಿಂದ ಕನ್ನಡ ಸಿನಿಮಾಗಳ ಧ್ವನಿಮುದ್ರಿಕೆ ಪ್ರಸಾರವಾಗುತ್ತಿತ್ತು. ಸಿನಿಮಾ ನೋಡುವ ಅವಕಾಶ ಇರದಿದ್ದರೂ ಆಲಿಸುವ ಅವಕಾಶದ ಮೂಲಕ ಅನೇಕ ಸಿನಿಮಾಗಳನ್ನು ನೋಡಿದ ಅನುಭವವೇ ಸಿಗುತ್ತಿತ್ತು. ಒಮ್ಮೊಮ್ಮೆ ಆಕಾಶದಲ್ಲಿ ಹಾರುವ ವಿಮಾನಗಳ ಫ್ಲೆಟ್ ಗಳ ರೇಡಿಯೋ ಸಂಭಾಷಣೆ ಕೂಡಾ ನಮ್ಮ ರೇಡಿಯೋದ ಮೂಲಕ ಆಲಿಸಬಹುದಿತ್ತು. ರೇಡಿಯೋ ಬಂದ ದಿನದಿಂದ ಸಮಯ ತಿಳಿಯಲು ವಾಚ್ ನೋಡುವ ಅಗತ್ಯವಿರಲಿಲ್ಲ. ಬೆಳಗಿನ ವಾರ್ತೆ ಎಂದರೆ ಸಮಯ 7.35 ಎಂಬುದು ತಿಳಿಯುತ್ತಿತ್ತು. ಪೇಟೆಗೆ ಹೋದರೆ ಅಲ್ಲಿನ ಪಂಚಾಯತ್ ಕಚೇರಿಯಲ್ಲಿ ಸಂಜೆಯ ಹೊತ್ತು ದೊಡ್ಡ ಮೈಕ್ ಇರಿಸಿ ಅದಕ್ಕೆ ರೇಡಿಯೋ ಸಂಪರ್ಕಿಸುತ್ತಿದ್ದರು. ಹಾಗಾಗಿ ಪೇಟೆಯ ಯಾವುದೇ ಮೂಲೆಯಲ್ಲಿದ್ದರೂ ಅಂದಿನ ದಿನಗಳಲ್ಲಿ ಆಕಾಶವಾಣಿ ಕೇಂದ್ರದ ಪ್ರದೇಶ ಸಮಾಚಾರ, ಕೃಷಿರಂಗ ಇತ್ಯಾದಿ ಕಾರ್ಯಕ್ರಮ ಆಲಿಸಬಹುದಿತ್ತು. ಪೇಟೆಯಲ್ಲಿ ಅದಾಗಲೇ ವಿದ್ಯುತ್ ಸೌಲಭ್ಯ ಇದ್ದುದರಿಂದ ಅಲ್ಲಿದ್ದ ದೊಡ್ಡ ಹೆಚ್ಚಿನವು ವ್ಯಾಲ್ವ್ ರೇಡಿಯೋಗಳು ಬಂದಿದ್ದವು. ಇದನ್ನು ಪೇಟೆ ಮಧ್ಯದ ಕೃಷ್ಣ ಭವನದ ರೇಡಿಯೋ ಅಂತೂ ಎಲ್ಲರ ಆಕರ್ಷಣೆಯ ಕೇಂದ್ರ. ಚುನಾವಣಾ ಫಲಿತಾಂಶದ ದಿನ ಎಲ್ಲರೂ ಕೃಷ್ಣ ಭವನಕ್ಕೆ ಮುತ್ತಿಗೆ ಹಾಕಿದಂತೆ ನಿಂತು ಅಲ್ಲಿನ ರೇಡಿಯೋಗೆ ಕಿವಿ ಕೊಡುತ್ತಿದ್ದರು. ಇಂತಹ ಪಕ್ಷದ ಇಂತಹ ಅಭ್ಯರ್ಥಿ ಇಷ್ಟು ಮತಗಳಿಂದ ಮುಂದಿದ್ದಾರೆ ಎಂದು ಅದರಲ್ಲಿ ಹೇಳುವಾಗ ಎಲ್ಲರಲ್ಲೂ ರೋಮಾಂಚನ. ನಾಗಮಣಿ ಎಸ್ ರಾವ್ ಆಗಲೇ ಬೆಂಗಳೂರು ಆಕಾಶವಾಣಿ ಕೇಂದ್ರದಲ್ಲಿ ವಾರ್ತಾ ವಾಚಕಿಯಾಗಿದ್ದರು ಮತ್ತು ಅವರ ದನಿಯಲ್ಲಿಯೇ ಚುನಾವಣಾ ಫಲಿತಾಂಶಗಳನ್ನು ಆಲಿಸುತ್ತಿದ್ದೆವು ಎಂದು ನೆನಪು. ಈ ದಿನಗಳಲ್ಲಿಯೇ ಅಂದರೆ 1975 ರಲ್ಲಿ ದೇಶದಲ್ಲಿ ತುರ್ತುಪರಿಸ್ಥಿತಿ ಘೋಷಣೆಯಾಯಿತು. ಸುದ್ದಿ ಪತ್ರಿಕೆಗಳ ಮೇಲೆ ಸೆನ್ಸಾರ್ ಇದ್ದುದರಿಂದ ಸುದ್ದಿಗಳೆಲ್ಲವೂ ಸರಕಾರಕ್ಕೆ ಅನುಕೂಲವಾಗುವಂತೆಯೇ ಇತ್ತು. ರೇಡಿಯೋ ಒಂದೇ ಕತೆಯೂ ಹಾಗೆಯೇ. ಇಂತಹ ದಿನಗಳಲ್ಲಿಯೇ ಮಂಗಳೂರಿನಲ್ಲಿ ಹೊಸ ಆಕಾಶವಾಣಿ ಕೇಂದ್ರ ನಿರ್ಮಾಣದ ಸಿದ್ಧತೆಯಾಗುತ್ತಿತ್ತು. ಮಂಗಳೂರು ಆಕಾಶವಾಣಿ ಕೇಂದ್ರ ಅಧಿಕೃತ ಪ್ರಸಾರ ಆರಂಭಿಸಿದ್ದು 1976 ರ ಡಿಸೆಂಬರ್ ನಲ್ಲಿ. ಅದರ ಅದಕ್ಕೆ ಮೊದಲೇ ಅದು ಪ್ರಾಯೋಗಿಕ ಪ್ರಸಾರ ಆರಂಭಿಸಿತ್ತು. ಗಾದೆಗಳ ಮೂಲಕವೇ ಸಂಭಾಷಣೆ, ಪ್ರಶ್ನೆಯಿಂದ ಪ್ರಶ್ನೆಯೊಂದು ಉದಯಿಸುವ ಚಟುವಟಿಕೆಗಳಲ್ಲೂ ಇದರ ಬಲವ ನಿಸ್ಸಾಸದ ಬಗ್ಗೆ ವಿಶೇಷ ಕಾರ್ಯಕ್ರಮ ಹೀಗೆ ಹೊಸ ಕನಸುಗಳನ್ನು ಹುಟ್ಟು ಹಾಕುತ್ತಾ ಮಂಗಳೂರು ಆಕಾಶವಾಣಿ ಕೇಂದ್ರ ಪ್ರಸಾರ ಆರಂಭಿಸಿತು. ಅದರ ಪ್ರಸಾರ ಶಾರ್ಟ್ ವೇವ್ ನಲ್ಲಿ ಸಿಗಲಾರಂಭಿಸಿದವು. ಶಾರ್ಟ್ ವೇವ್ ಆದುದರಿಂದ ಪ್ರಸಾರ ಸ್ಪಷ್ಟವಾಗಿ ಅಷ್ಟೊಂದು ಚೆನ್ನಾಗಿರಲಿಲ್ಲ. ಹೀಗೆ ನಾವು ಮಂಗಳೂರು ಆಕಾಶವಾಣಿ ಕೇಂದ್ರದ ನಿತ್ಯ ಕೇಳುಗರಾದೆವು. ವಾರ್ತೆ, ಯುವವಾಣಿ, ಕೃಷಿ ಸಂಬಂಧಿತ ಕಾರ್ಯಕ್ರಮಗಳು ಹೀಗೆ ಈ ಅರ್ಥಪೂರ್ಣ ಕಾರ್ಯಕ್ರಮಗಳ ಕಾರಣ ನಾವು ರೇಡಿಯೋ ಹೊಂದಿದ್ದುದಕ್ಕೂ ಒಂದು ಅರ್ಥ ಬಂತು.
– ಕೃಪೆ ಕನ್ನಡ ಪ್ಲಾನೆಟ್
